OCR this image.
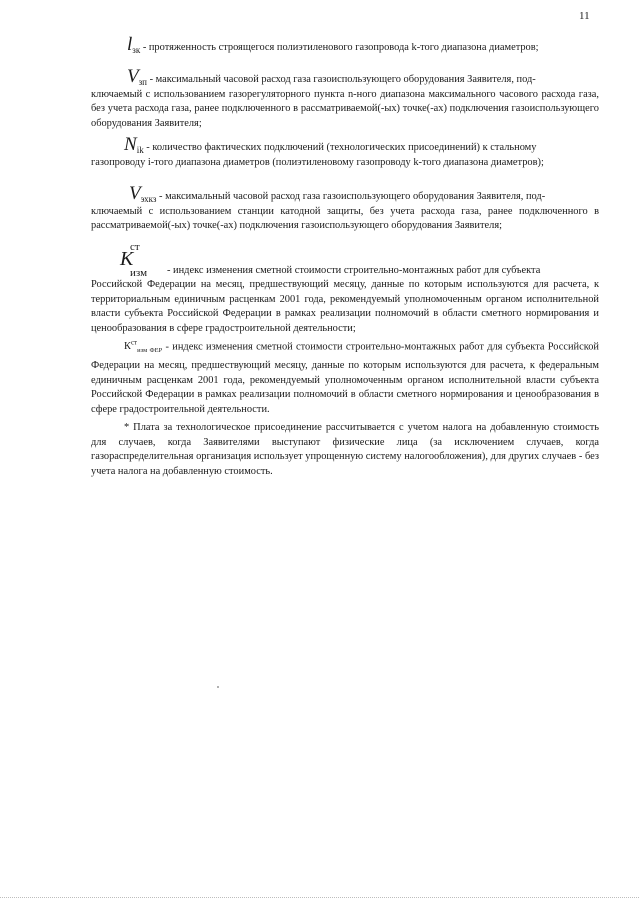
11
$l_{зк}$ - протяженность строящегося полиэтиленового газопровода k-того диапазона диаметров;
$V_{зп}$ - максимальный часовой расход газа газоиспользующего оборудования Заявителя, под-
ключаемый с использованием газорегуляторного пункта n-ного диапазона максимального часового расхода газа, без учета расхода газа, ранее подключенного в рассматриваемой(-ых) точке(-ах) подключения газоиспользующего оборудования Заявителя;
$N_{ik}$ - количество фактических подключений (технологических присоединений) к стальному
газопроводу i-того диапазона диаметров (полиэтиленовому газопроводу k-того диапазона диаметров);
$V_{эхкз}$ - максимальный часовой расход газа газоиспользующего оборудования Заявителя, под-
ключаемый с использованием станции катодной защиты, без учета расхода газа, ранее подключенного в рассматриваемой(-ых) точке(-ах) подключения газоиспользующего оборудования Заявителя;
K
ст
изм - индекс изменения сметной стоимости строительно-монтажных работ для субъекта
Российской Федерации на месяц, предшествующий месяцу, данные по которым используются для расчета, к территориальным единичным расценкам 2001 года, рекомендуемый уполномоченным органом исполнительной власти субъекта Российской Федерации в рамках реализации полномочий в области сметного нормирования и ценообразования в сфере градостроительной деятельности;
$К^{ст}_{изм ФЕР}$ - индекс изменения сметной стоимости строительно-монтажных работ для субъекта Российской Федерации на месяц, предшествующий месяцу, данные по которым используются для расчета, к федеральным единичным расценкам 2001 года, рекомендуемый уполномоченным органом исполнительной власти субъекта Российской Федерации в рамках реализации полномочий в области сметного нормирования и ценообразования в сфере градостроительной деятельности.
* Плата за технологическое присоединение рассчитывается с учетом налога на добавленную стоимость для случаев, когда Заявителями выступают физические лица (за исключением случаев, когда газораспределительная организация использует упрощенную систему налогообложения), для других случаев - без учета налога на добавленную стоимость.
